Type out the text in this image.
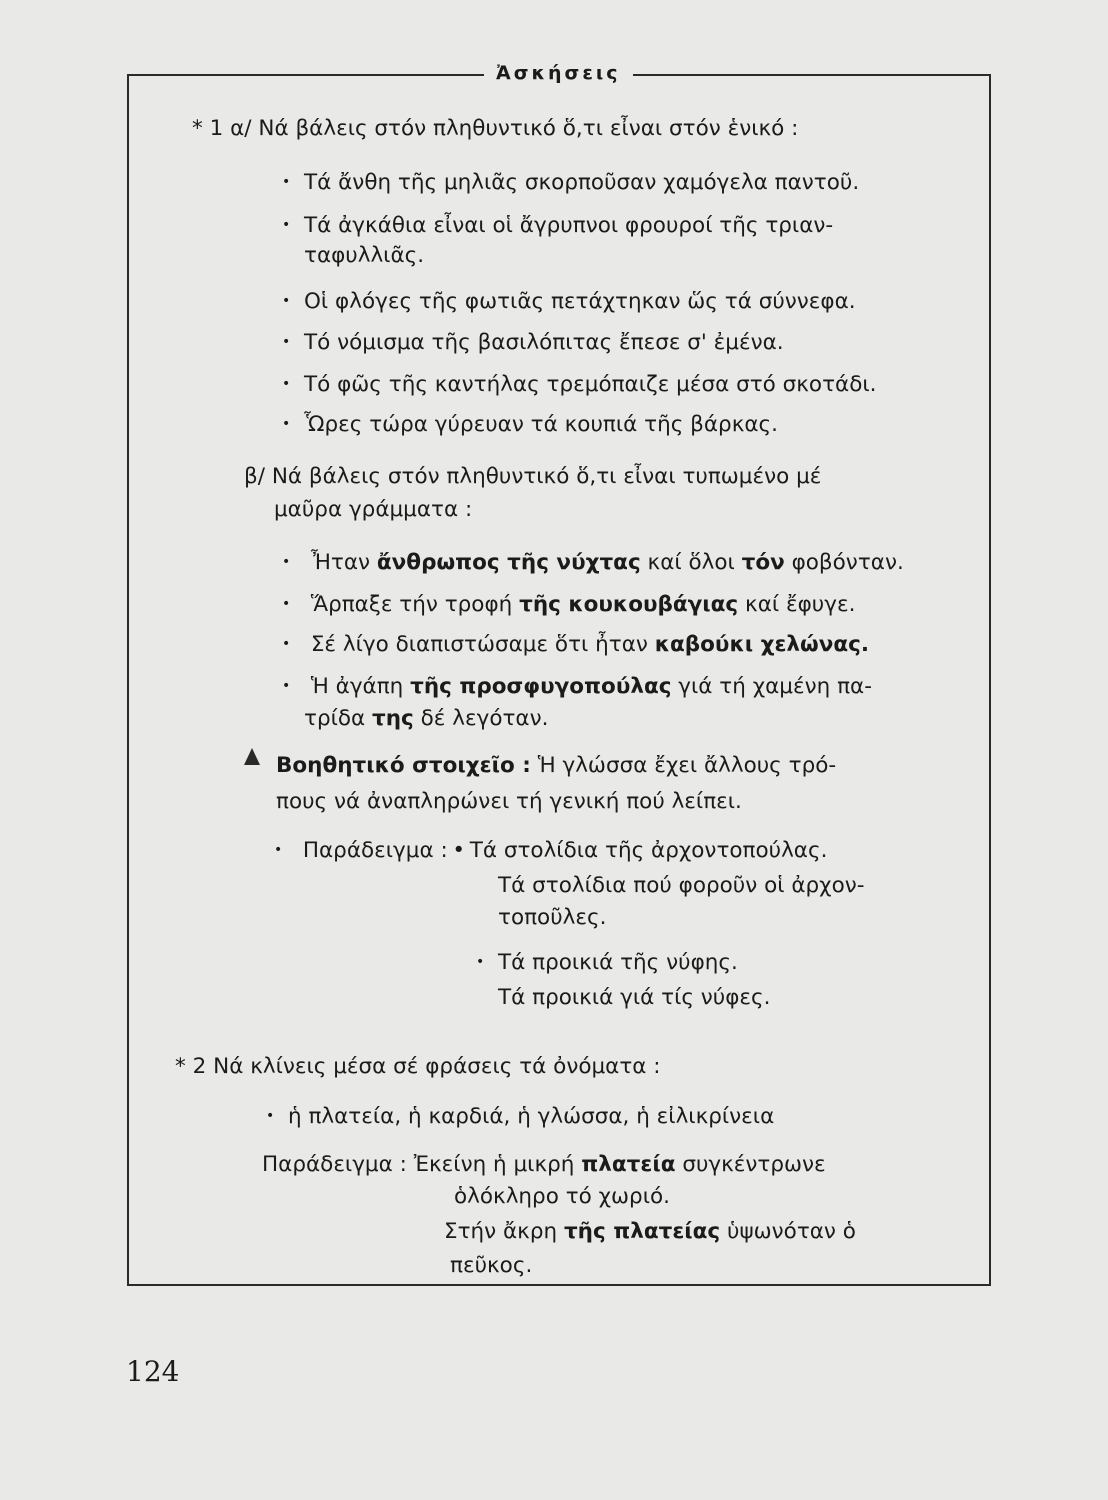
Ἀσκήσεις
* 1 α/ Νά βάλεις στόν πληθυντικό ὅ,τι εἶναι στόν ἑνικό :
• Τά ἄνθη τῆς μηλιᾶς σκορποῦσαν χαμόγελα παντοῦ.
• Τά ἀγκάθια εἶναι οἱ ἄγρυπνοι φρουροί τῆς τριαν-
ταφυλλιᾶς.
• Οἱ φλόγες τῆς φωτιᾶς πετάχτηκαν ὥς τά σύννεφα.
• Τό νόμισμα τῆς βασιλόπιτας ἔπεσε σ' ἐμένα.
• Τό φῶς τῆς καντήλας τρεμόπαιζε μέσα στό σκοτάδι.
• Ὧρες τώρα γύρευαν τά κουπιά τῆς βάρκας.
β/ Νά βάλεις στόν πληθυντικό ὅ,τι εἶναι τυπωμένο μέ
μαῦρα γράμματα :
• Ἦταν ἄνθρωπος τῆς νύχτας καί ὅλοι τόν φοβόνταν.
• Ἅρπαξε τήν τροφή τῆς κουκουβάγιας καί ἔφυγε.
• Σέ λίγο διαπιστώσαμε ὅτι ἦταν καβούκι χελώνας.
• Ἡ ἀγάπη τῆς προσφυγοπούλας γιά τή χαμένη πα-
τρίδα της δέ λεγόταν.
Βοηθητικό στοιχεῖο : Ἡ γλώσσα ἔχει ἄλλους τρό-
πους νά ἀναπληρώνει τή γενική πού λείπει.
• Παράδειγμα : • Τά στολίδια τῆς ἀρχοντοπούλας.
Τά στολίδια πού φοροῦν οἱ ἀρχον-
τοποῦλες.
• Τά προικιά τῆς νύφης.
Τά προικιά γιά τίς νύφες.
* 2 Νά κλίνεις μέσα σέ φράσεις τά ὀνόματα :
• ἡ πλατεία, ἡ καρδιά, ἡ γλώσσα, ἡ εἰλικρίνεια
Παράδειγμα : Ἐκείνη ἡ μικρή πλατεία συγκέντρωνε
ὁλόκληρο τό χωριό.
Στήν ἄκρη τῆς πλατείας ὑψωνόταν ὁ
πεῦκος.
124
